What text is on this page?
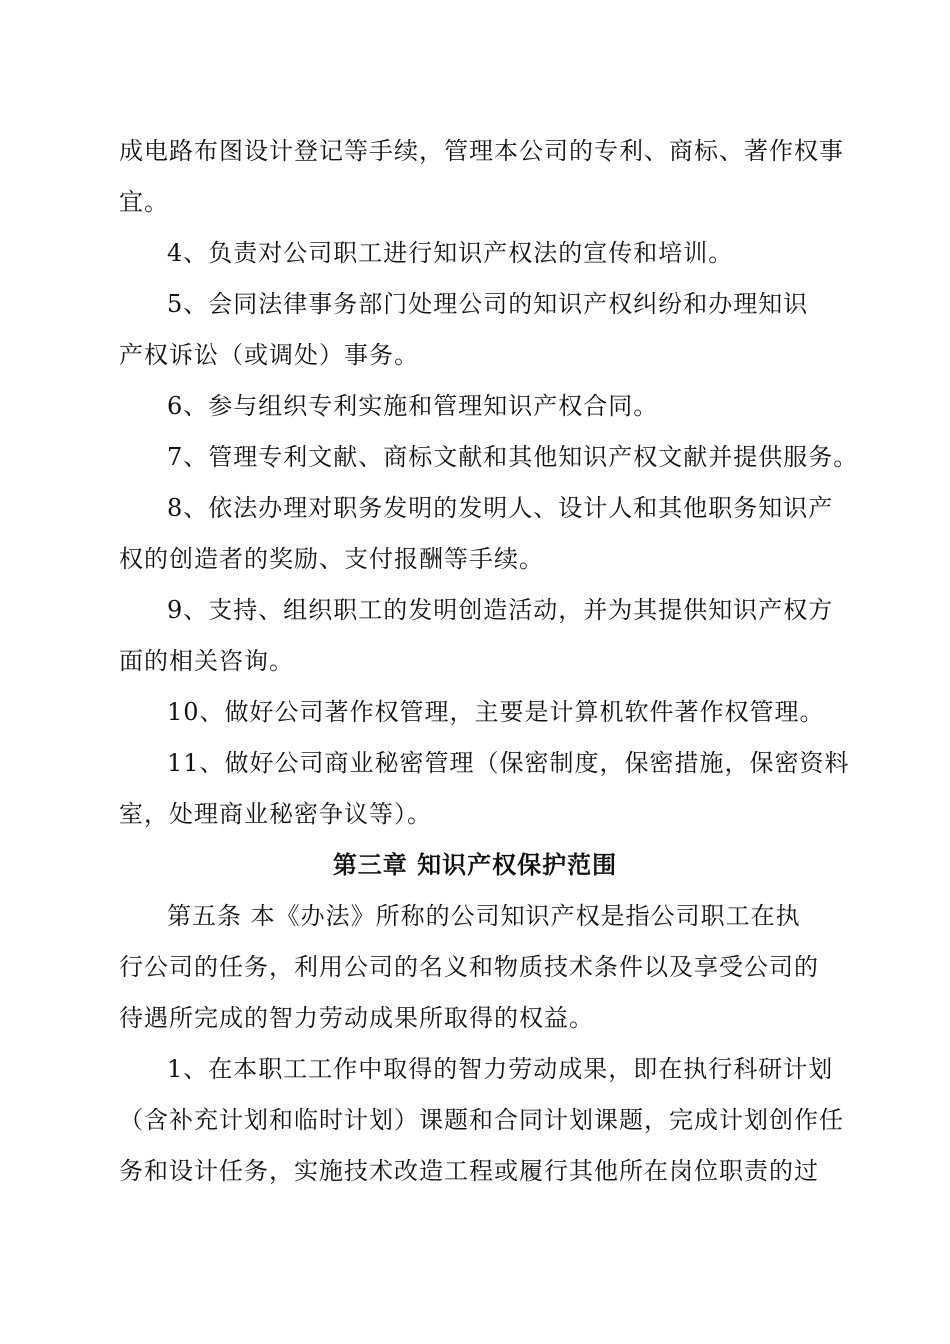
成电路布图设计登记等手续，管理本公司的专利、商标、著作权事
宜。
4、负责对公司职工进行知识产权法的宣传和培训。
5、会同法律事务部门处理公司的知识产权纠纷和办理知识
产权诉讼（或调处）事务。
6、参与组织专利实施和管理知识产权合同。
7、管理专利文献、商标文献和其他知识产权文献并提供服务。
8、依法办理对职务发明的发明人、设计人和其他职务知识产
权的创造者的奖励、支付报酬等手续。
9、支持、组织职工的发明创造活动，并为其提供知识产权方
面的相关咨询。
10、做好公司著作权管理，主要是计算机软件著作权管理。
11、做好公司商业秘密管理（保密制度，保密措施，保密资料
室，处理商业秘密争议等）。
第三章 知识产权保护范围
第五条 本《办法》所称的公司知识产权是指公司职工在执
行公司的任务，利用公司的名义和物质技术条件以及享受公司的
待遇所完成的智力劳动成果所取得的权益。
1、在本职工工作中取得的智力劳动成果，即在执行科研计划
（含补充计划和临时计划）课题和合同计划课题，完成计划创作任
务和设计任务，实施技术改造工程或履行其他所在岗位职责的过
